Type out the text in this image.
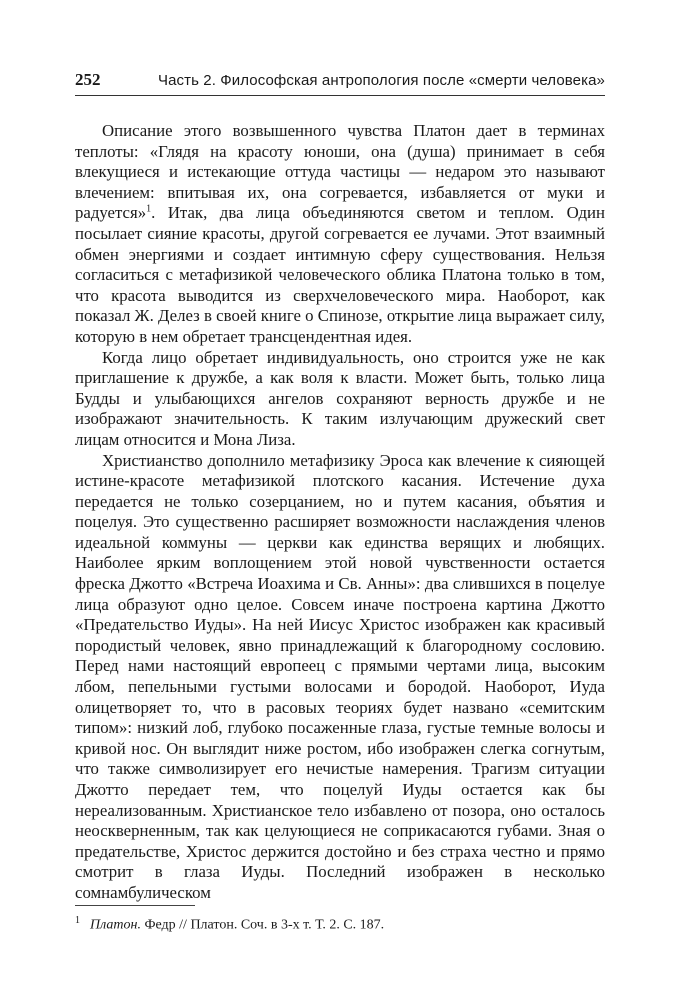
252	Часть 2. Философская антропология после «смерти человека»

Описание этого возвышенного чувства Платон дает в терминах теплоты: «Глядя на красоту юноши, она (душа) принимает в себя влекущиеся и истекающие оттуда частицы — недаром это называют влечением: впитывая их, она согревается, избавляется от муки и радуется»$^1$. Итак, два лица объединяются светом и теплом. Один посылает сияние красоты, другой согревается ее лучами. Этот взаимный обмен энергиями и создает интимную сферу существования. Нельзя согласиться с метафизикой человеческого облика Платона только в том, что красота выводится из сверхчеловеческого мира. Наоборот, как показал Ж. Делез в своей книге о Спинозе, открытие лица выражает силу, которую в нем обретает трансцендентная идея.

Когда лицо обретает индивидуальность, оно строится уже не как приглашение к дружбе, а как воля к власти. Может быть, только лица Будды и улыбающихся ангелов сохраняют верность дружбе и не изображают значительность. К таким излучающим дружеский свет лицам относится и Мона Лиза.

Христианство дополнило метафизику Эроса как влечение к сияющей истине-красоте метафизикой плотского касания. Истечение духа передается не только созерцанием, но и путем касания, объятия и поцелуя. Это существенно расширяет возможности наслаждения членов идеальной коммуны — церкви как единства верящих и любящих. Наиболее ярким воплощением этой новой чувственности остается фреска Джотто «Встреча Иоахима и Св. Анны»: два слившихся в поцелуе лица образуют одно целое. Совсем иначе построена картина Джотто «Предательство Иуды». На ней Иисус Христос изображен как красивый породистый человек, явно принадлежащий к благородному сословию. Перед нами настоящий европеец с прямыми чертами лица, высоким лбом, пепельными густыми волосами и бородой. Наоборот, Иуда олицетворяет то, что в расовых теориях будет названо «семитским типом»: низкий лоб, глубоко посаженные глаза, густые темные волосы и кривой нос. Он выглядит ниже ростом, ибо изображен слегка согнутым, что также символизирует его нечистые намерения. Трагизм ситуации Джотто передает тем, что поцелуй Иуды остается как бы нереализованным. Христианское тело избавлено от позора, оно осталось неоскверненным, так как целующиеся не соприкасаются губами. Зная о предательстве, Христос держится достойно и без страха честно и прямо смотрит в глаза Иуды. Последний изображен в несколько сомнамбулическом

$^1$ Платон. Федр // Платон. Соч. в 3-х т. Т. 2. С. 187.
